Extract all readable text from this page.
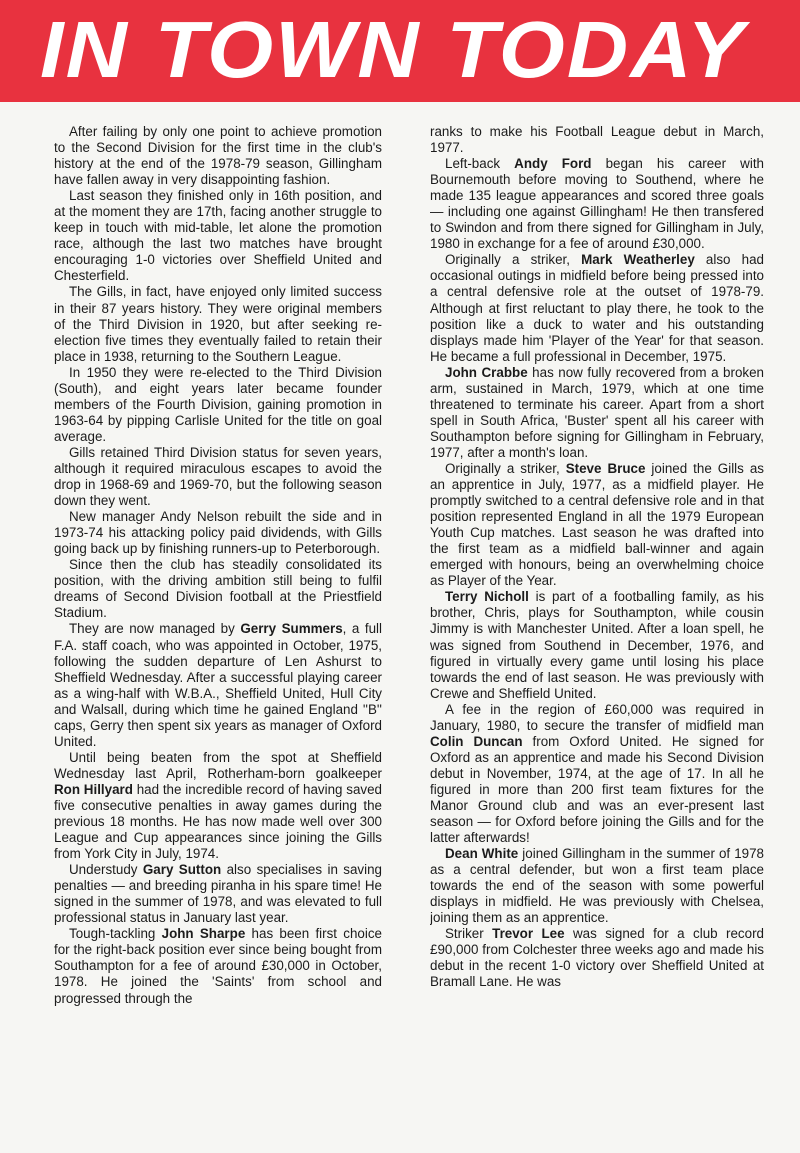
IN TOWN TODAY

After failing by only one point to achieve promotion to the Second Division for the first time in the club's history at the end of the 1978-79 season, Gillingham have fallen away in very disappointing fashion.

Last season they finished only in 16th position, and at the moment they are 17th, facing another struggle to keep in touch with mid-table, let alone the promotion race, although the last two matches have brought encouraging 1-0 victories over Sheffield United and Chesterfield.

The Gills, in fact, have enjoyed only limited success in their 87 years history. They were original members of the Third Division in 1920, but after seeking re-election five times they eventually failed to retain their place in 1938, returning to the Southern League.

In 1950 they were re-elected to the Third Division (South), and eight years later became founder members of the Fourth Division, gaining promotion in 1963-64 by pipping Carlisle United for the title on goal average.

Gills retained Third Division status for seven years, although it required miraculous escapes to avoid the drop in 1968-69 and 1969-70, but the following season down they went.

New manager Andy Nelson rebuilt the side and in 1973-74 his attacking policy paid dividends, with Gills going back up by finishing runners-up to Peterborough.

Since then the club has steadily consolidated its position, with the driving ambition still being to fulfil dreams of Second Division football at the Priestfield Stadium.

They are now managed by Gerry Summers, a full F.A. staff coach, who was appointed in October, 1975, following the sudden departure of Len Ashurst to Sheffield Wednesday. After a successful playing career as a wing-half with W.B.A., Sheffield United, Hull City and Walsall, during which time he gained England ''B'' caps, Gerry then spent six years as manager of Oxford United.

Until being beaten from the spot at Sheffield Wednesday last April, Rotherham-born goalkeeper Ron Hillyard had the incredible record of having saved five consecutive penalties in away games during the previous 18 months. He has now made well over 300 League and Cup appearances since joining the Gills from York City in July, 1974.

Understudy Gary Sutton also specialises in saving penalties — and breeding piranha in his spare time! He signed in the summer of 1978, and was elevated to full professional status in January last year.

Tough-tackling John Sharpe has been first choice for the right-back position ever since being bought from Southampton for a fee of around £30,000 in October, 1978. He joined the 'Saints' from school and progressed through the

ranks to make his Football League debut in March, 1977.

Left-back Andy Ford began his career with Bournemouth before moving to Southend, where he made 135 league appearances and scored three goals — including one against Gillingham! He then transfered to Swindon and from there signed for Gillingham in July, 1980 in exchange for a fee of around £30,000.

Originally a striker, Mark Weatherley also had occasional outings in midfield before being pressed into a central defensive role at the outset of 1978-79. Although at first reluctant to play there, he took to the position like a duck to water and his outstanding displays made him 'Player of the Year' for that season. He became a full professional in December, 1975.

John Crabbe has now fully recovered from a broken arm, sustained in March, 1979, which at one time threatened to terminate his career. Apart from a short spell in South Africa, 'Buster' spent all his career with Southampton before signing for Gillingham in February, 1977, after a month's loan.

Originally a striker, Steve Bruce joined the Gills as an apprentice in July, 1977, as a midfield player. He promptly switched to a central defensive role and in that position represented England in all the 1979 European Youth Cup matches. Last season he was drafted into the first team as a midfield ball-winner and again emerged with honours, being an overwhelming choice as Player of the Year.

Terry Nicholl is part of a footballing family, as his brother, Chris, plays for Southampton, while cousin Jimmy is with Manchester United. After a loan spell, he was signed from Southend in December, 1976, and figured in virtually every game until losing his place towards the end of last season. He was previously with Crewe and Sheffield United.

A fee in the region of £60,000 was required in January, 1980, to secure the transfer of midfield man Colin Duncan from Oxford United. He signed for Oxford as an apprentice and made his Second Division debut in November, 1974, at the age of 17. In all he figured in more than 200 first team fixtures for the Manor Ground club and was an ever-present last season — for Oxford before joining the Gills and for the latter afterwards!

Dean White joined Gillingham in the summer of 1978 as a central defender, but won a first team place towards the end of the season with some powerful displays in midfield. He was previously with Chelsea, joining them as an apprentice.

Striker Trevor Lee was signed for a club record £90,000 from Colchester three weeks ago and made his debut in the recent 1-0 victory over Sheffield United at Bramall Lane. He was
